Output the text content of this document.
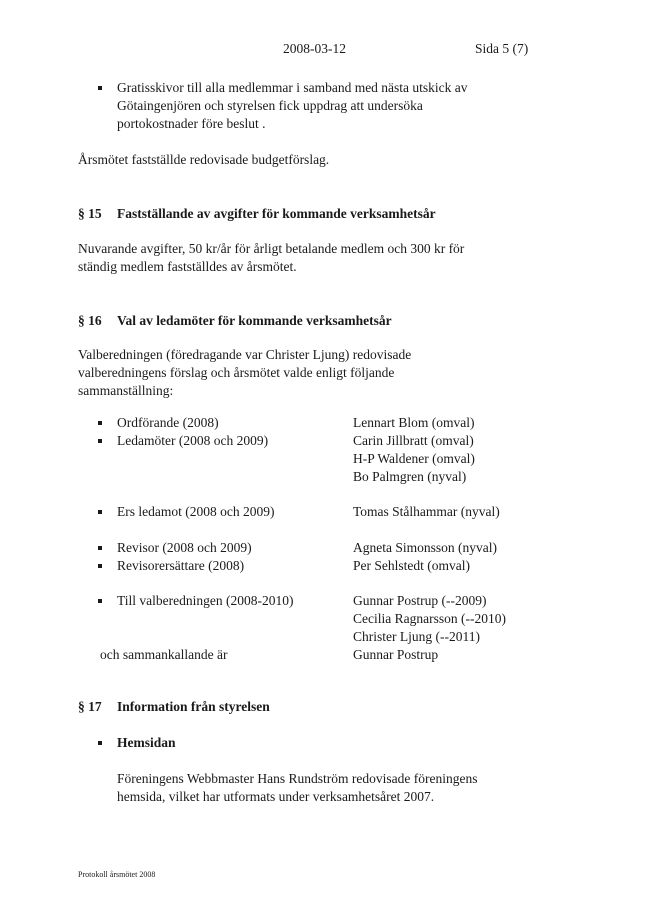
2008-03-12	Sida 5 (7)
Gratisskivor till alla medlemmar i samband med nästa utskick av
Götaingenjören och styrelsen fick uppdrag att undersöka
portokostnader före beslut .
Årsmötet fastställde redovisade budgetförslag.
§ 15 Fastställande av avgifter för kommande verksamhetsår
Nuvarande avgifter, 50 kr/år för årligt betalande medlem och 300 kr för
ständig medlem fastställdes av årsmötet.
§ 16 Val av ledamöter för kommande verksamhetsår
Valberedningen (föredragande var Christer Ljung) redovisade
valberedningens förslag och årsmötet valde enligt följande
sammanställning:
Ordförande (2008)	Lennart Blom (omval)
Ledamöter (2008 och 2009)	Carin Jillbratt (omval)
H-P Waldener (omval)
Bo Palmgren (nyval)
Ers ledamot (2008 och 2009)	Tomas Stålhammar (nyval)
Revisor (2008 och 2009)	Agneta Simonsson (nyval)
Revisorersättare (2008)	Per Sehlstedt (omval)
Till valberedningen (2008-2010)	Gunnar Postrup (--2009)
Cecilia Ragnarsson (--2010)
Christer Ljung (--2011)
och sammankallande är	Gunnar Postrup
§ 17 Information från styrelsen
Hemsidan
Föreningens Webbmaster Hans Rundström redovisade föreningens
hemsida, vilket har utformats under verksamhetsåret 2007.
Protokoll årsmötet 2008
